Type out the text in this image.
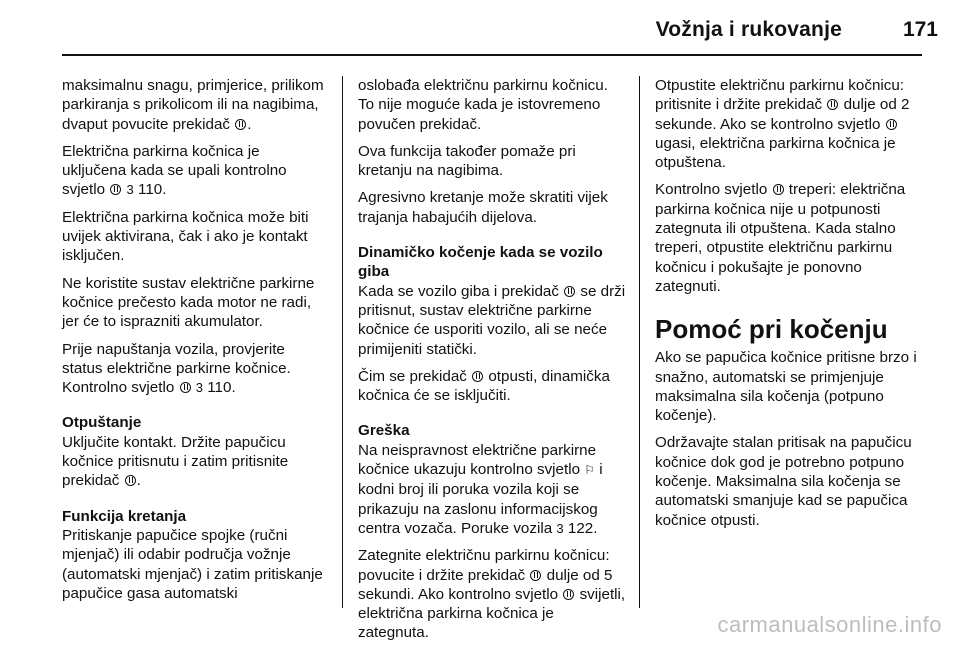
Vožnja i rukovanje	171

maksimalnu snagu, primjerice, prilikom parkiranja s prikolicom ili na nagibima, dvaput povucite prekidač .

Električna parkirna kočnica je uključena kada se upali kontrolno svjetlo 3 110.

Električna parkirna kočnica može biti uvijek aktivirana, čak i ako je kontakt isključen.

Ne koristite sustav električne parkirne kočnice prečesto kada motor ne radi, jer će to isprazniti akumulator.

Prije napuštanja vozila, provjerite status električne parkirne kočnice. Kontrolno svjetlo 3 110.

Otpuštanje

Uključite kontakt. Držite papučicu kočnice pritisnutu i zatim pritisnite prekidač .

Funkcija kretanja

Pritiskanje papučice spojke (ručni mjenjač) ili odabir područja vožnje (automatski mjenjač) i zatim pritiskanje papučice gasa automatski

oslobađa električnu parkirnu kočnicu. To nije moguće kada je istovremeno povučen prekidač.

Ova funkcija također pomaže pri kretanju na nagibima.

Agresivno kretanje može skratiti vijek trajanja habajućih dijelova.

Dinamičko kočenje kada se vozilo giba

Kada se vozilo giba i prekidač se drži pritisnut, sustav električne parkirne kočnice će usporiti vozilo, ali se neće primijeniti statički.

Čim se prekidač otpusti, dinamička kočnica će se isključiti.

Greška

Na neispravnost električne parkirne kočnice ukazuju kontrolno svjetlo ⚐ i kodni broj ili poruka vozila koji se prikazuju na zaslonu informacijskog centra vozača. Poruke vozila 3 122.

Zategnite električnu parkirnu kočnicu: povucite i držite prekidač dulje od 5 sekundi. Ako kontrolno svjetlo svijetli, električna parkirna kočnica je zategnuta.

Otpustite električnu parkirnu kočnicu: pritisnite i držite prekidač dulje od 2 sekunde. Ako se kontrolno svjetlo  ugasi, električna parkirna kočnica je otpuštena.

Kontrolno svjetlo treperi: električna parkirna kočnica nije u potpunosti zategnuta ili otpuštena. Kada stalno treperi, otpustite električnu parkirnu kočnicu i pokušajte je ponovno zategnuti.

Pomoć pri kočenju

Ako se papučica kočnice pritisne brzo i snažno, automatski se primjenjuje maksimalna sila kočenja (potpuno kočenje).

Održavajte stalan pritisak na papučicu kočnice dok god je potrebno potpuno kočenje. Maksimalna sila kočenja se automatski smanjuje kad se papučica kočnice otpusti.

carmanualsonline.info
